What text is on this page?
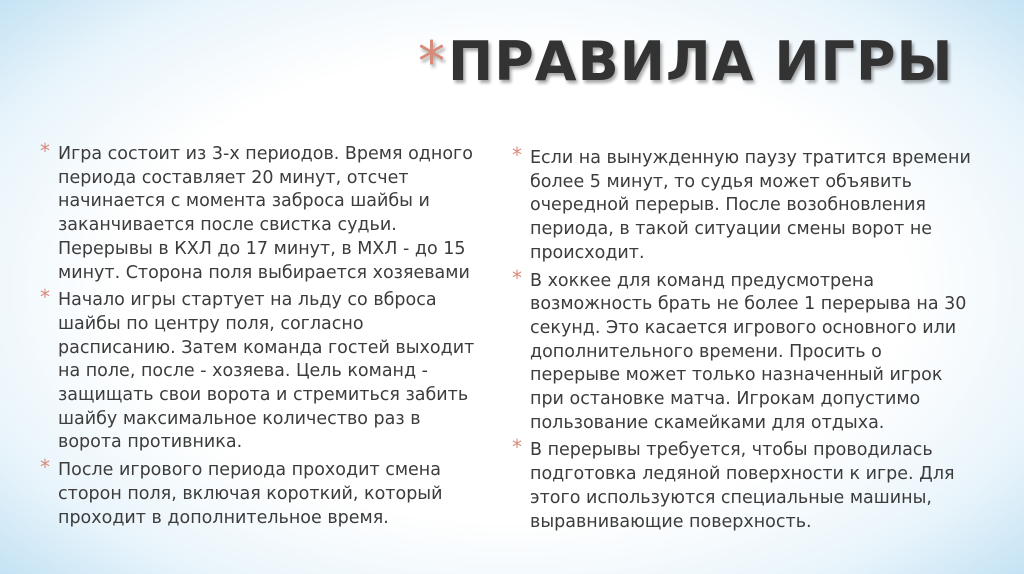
*ПРАВИЛА ИГРЫ

* Игра состоит из 3-х периодов. Время одного периода составляет 20 минут, отсчет начинается с момента заброса шайбы и заканчивается после свистка судьи. Перерывы в КХЛ до 17 минут, в МХЛ - до 15 минут. Сторона поля выбирается хозяевами

* Начало игры стартует на льду со вброса шайбы по центру поля, согласно расписанию. Затем команда гостей выходит на поле, после - хозяева. Цель команд - защищать свои ворота и стремиться забить шайбу максимальное количество раз в ворота противника.

* После игрового периода проходит смена сторон поля, включая короткий, который проходит в дополнительное время.

* Если на вынужденную паузу тратится времени более 5 минут, то судья может объявить очередной перерыв. После возобновления периода, в такой ситуации смены ворот не происходит.

* В хоккее для команд предусмотрена возможность брать не более 1 перерыва на 30 секунд. Это касается игрового основного или дополнительного времени. Просить о перерыве может только назначенный игрок при остановке матча. Игрокам допустимо пользование скамейками для отдыха.

* В перерывы требуется, чтобы проводилась подготовка ледяной поверхности к игре. Для этого используются специальные машины, выравнивающие поверхность.
